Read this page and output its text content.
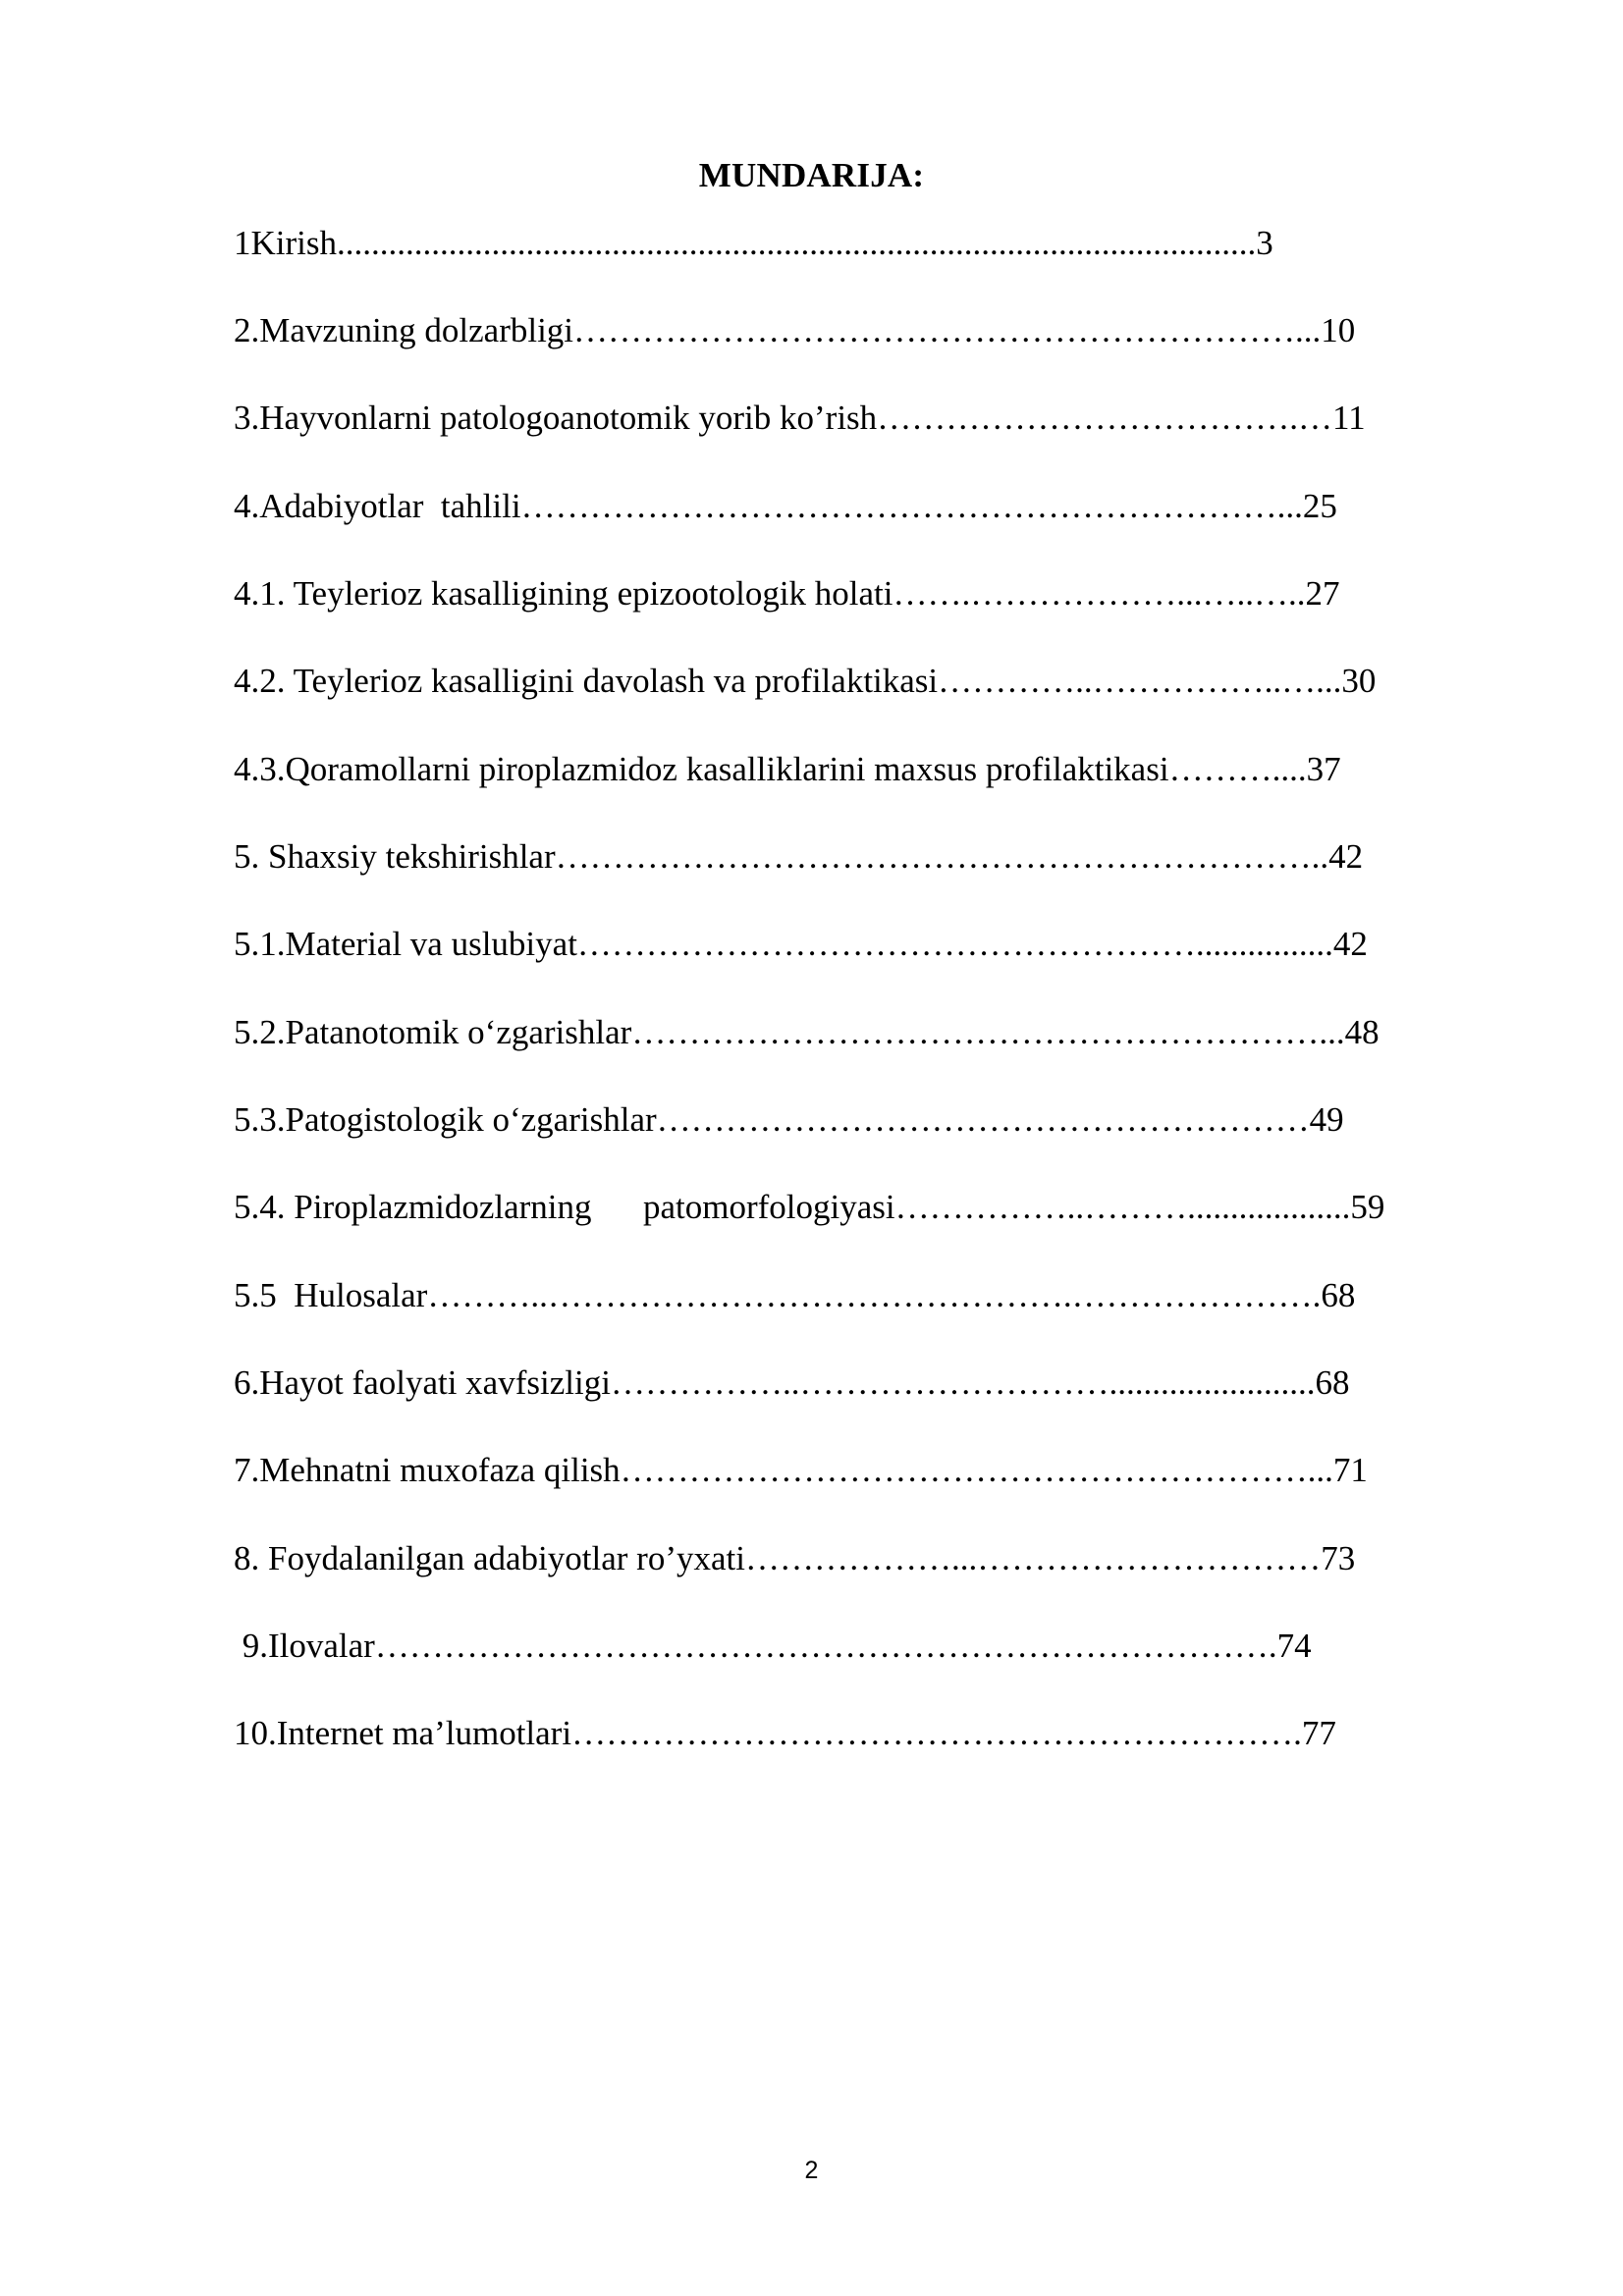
MUNDARIJA:
1Kirish...........................................................................................................3
2.Mavzuning dolzarbligi………………………………………………………...10
3.Hayvonlarni patologoanotomik yorib ko’rish……………………………….…11
4.Adabiyotlar  tahlili…………………………………………………………...25
4.1. Teylerioz kasalligining epizootologik holati…….………………...…..…..27
4.2. Teylerioz kasalligini davolash va profilaktikasi…………..……………..…...30
4.3.Qoramollarni piroplazmidoz kasalliklarini maxsus profilaktikasi………....37
5. Shaxsiy tekshirishlar…………………………………………………………..42
5.1.Material va uslubiyat………………………………………………................42
5.2.Patanotomik o‘zgarishlar……………………………………………………...48
5.3.Patogistologik o‘zgarishlar…………………………………………………49
5.4. Piroplazmidozlarning      patomorfologiyasi……………..………...................59
5.5  Hulosalar………..……………………………………….………………….68
6.Hayot faolyati xavfsizligi……………..………………………........................68
7.Mehnatni muxofaza qilish……………………………………………………...71
8. Foydalanilgan adabiyotlar ro’yxati………………...…………………………73
9.Ilovalar…………………………………………………………………….74
10.Internet ma’lumotlari……………………………………………………….77
2
